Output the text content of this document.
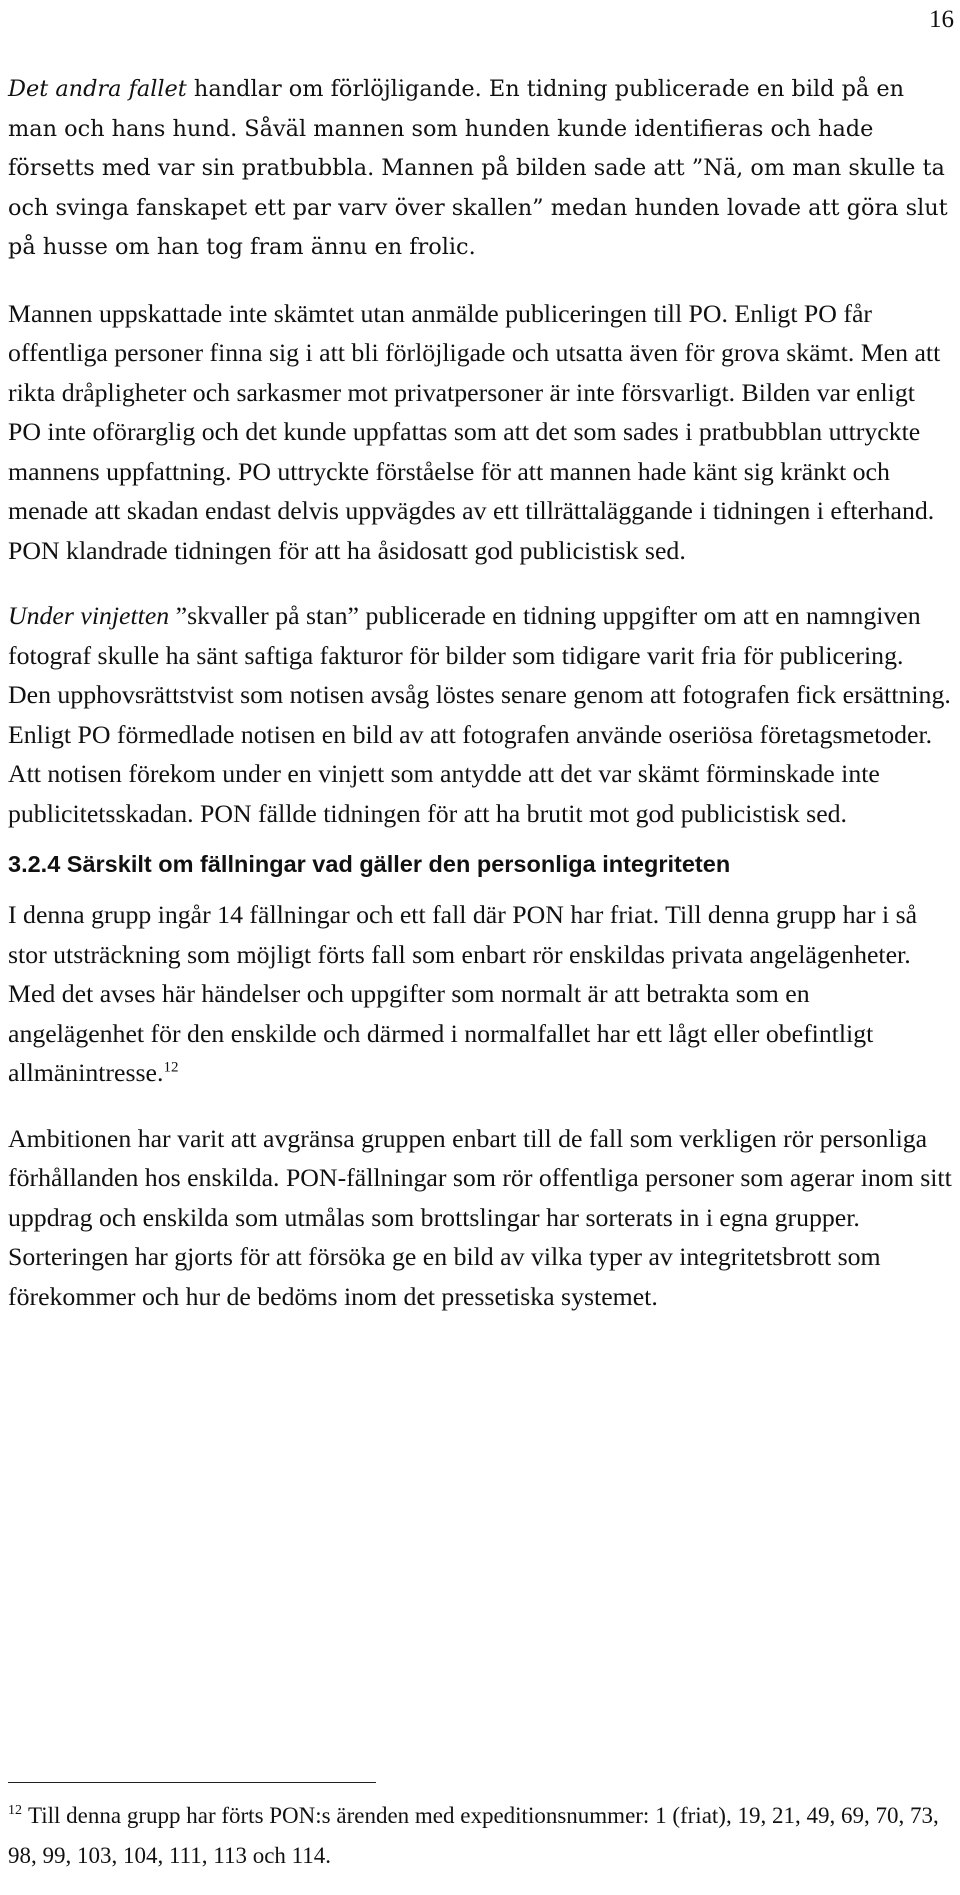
16

Det andra fallet handlar om förlöjligande. En tidning publicerade en bild på en man och hans hund. Såväl mannen som hunden kunde identifieras och hade försetts med var sin pratbubbla. Mannen på bilden sade att ”Nä, om man skulle ta och svinga fanskapet ett par varv över skallen” medan hunden lovade att göra slut på husse om han tog fram ännu en frolic.

Mannen uppskattade inte skämtet utan anmälde publiceringen till PO. Enligt PO får offentliga personer finna sig i att bli förlöjligade och utsatta även för grova skämt. Men att rikta dråpligheter och sarkasmer mot privatpersoner är inte försvarligt. Bilden var enligt PO inte oförarglig och det kunde uppfattas som att det som sades i pratbubblan uttryckte mannens uppfattning. PO uttryckte förståelse för att mannen hade känt sig kränkt och menade att skadan endast delvis uppvägdes av ett tillrättaläggande i tidningen i efterhand. PON klandrade tidningen för att ha åsidosatt god publicistisk sed.

Under vinjetten ”skvaller på stan” publicerade en tidning uppgifter om att en namngiven fotograf skulle ha sänt saftiga fakturor för bilder som tidigare varit fria för publicering. Den upphovsrättstvist som notisen avsåg löstes senare genom att fotografen fick ersättning. Enligt PO förmedlade notisen en bild av att fotografen använde oseriösa företagsmetoder. Att notisen förekom under en vinjett som antydde att det var skämt förminskade inte publicitetsskadan. PON fällde tidningen för att ha brutit mot god publicistisk sed.

3.2.4 Särskilt om fällningar vad gäller den personliga integriteten

I denna grupp ingår 14 fällningar och ett fall där PON har friat. Till denna grupp har i så stor utsträckning som möjligt förts fall som enbart rör enskildas privata angelägenheter. Med det avses här händelser och uppgifter som normalt är att betrakta som en angelägenhet för den enskilde och därmed i normalfallet har ett lågt eller obefintligt allmänintresse.$^{12}$

Ambitionen har varit att avgränsa gruppen enbart till de fall som verkligen rör personliga förhållanden hos enskilda. PON-fällningar som rör offentliga personer som agerar inom sitt uppdrag och enskilda som utmålas som brottslingar har sorterats in i egna grupper. Sorteringen har gjorts för att försöka ge en bild av vilka typer av integritetsbrott som förekommer och hur de bedöms inom det pressetiska systemet.

$^{12}$ Till denna grupp har förts PON:s ärenden med expeditionsnummer: 1 (friat), 19, 21, 49, 69, 70, 73, 98, 99, 103, 104, 111, 113 och 114.
